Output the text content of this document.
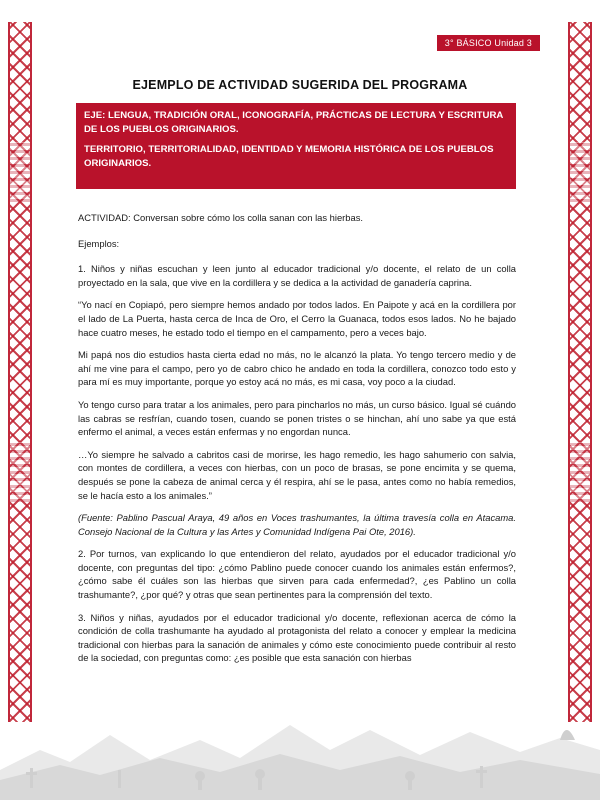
3° BÁSICO Unidad 3
EJEMPLO DE ACTIVIDAD SUGERIDA DEL PROGRAMA

EJE: LENGUA, TRADICIÓN ORAL, ICONOGRAFÍA, PRÁCTICAS DE LECTURA Y ESCRITURA DE LOS PUEBLOS ORIGINARIOS.

TERRITORIO, TERRITORIALIDAD, IDENTIDAD Y MEMORIA HISTÓRICA DE LOS PUEBLOS ORIGINARIOS.

ACTIVIDAD: Conversan sobre cómo los colla sanan con las hierbas.

Ejemplos:

1. Niños y niñas escuchan y leen junto al educador tradicional y/o docente, el relato de un colla proyectado en la sala, que vive en la cordillera y se dedica a la actividad de ganadería caprina.

“Yo nací en Copiapó, pero siempre hemos andado por todos lados. En Paipote y acá en la cordillera por el lado de La Puerta, hasta cerca de Inca de Oro, el Cerro la Guanaca, todos esos lados. No he bajado hace cuatro meses, he estado todo el tiempo en el campamento, pero a veces bajo.

Mi papá nos dio estudios hasta cierta edad no más, no le alcanzó la plata. Yo tengo tercero medio y de ahí me vine para el campo, pero yo de cabro chico he andado en toda la cordillera, conozco todo esto y para mí es muy importante, porque yo estoy acá no más, es mi casa, voy poco a la ciudad.

Yo tengo curso para tratar a los animales, pero para pincharlos no más, un curso básico. Igual sé cuándo las cabras se resfrían, cuando tosen, cuando se ponen tristes o se hinchan, ahí uno sabe ya que está enfermo el animal, a veces están enfermas y no engordan nunca.

…Yo siempre he salvado a cabritos casi de morirse, les hago remedio, les hago sahumerio con salvia, con montes de cordillera, a veces con hierbas, con un poco de brasas, se pone encimita y se quema, después se pone la cabeza de animal cerca y él respira, ahí se le pasa, antes como no había remedios, se le hacía esto a los animales.”

(Fuente: Pablino Pascual Araya, 49 años en Voces trashumantes, la última travesía colla en Atacama. Consejo Nacional de la Cultura y las Artes y Comunidad Indígena Pai Ote, 2016).

2. Por turnos, van explicando lo que entendieron del relato, ayudados por el educador tradicional y/o docente, con preguntas del tipo: ¿cómo Pablino puede conocer cuando los animales están enfermos?, ¿cómo sabe él cuáles son las hierbas que sirven para cada enfermedad?, ¿es Pablino un colla trashumante?, ¿por qué? y otras que sean pertinentes para la comprensión del texto.

3. Niños y niñas, ayudados por el educador tradicional y/o docente, reflexionan acerca de cómo la condición de colla trashumante ha ayudado al protagonista del relato a conocer y emplear la medicina tradicional con hierbas para la sanación de animales y cómo este conocimiento puede contribuir al resto de la sociedad, con preguntas como: ¿es posible que esta sanación con hierbas
